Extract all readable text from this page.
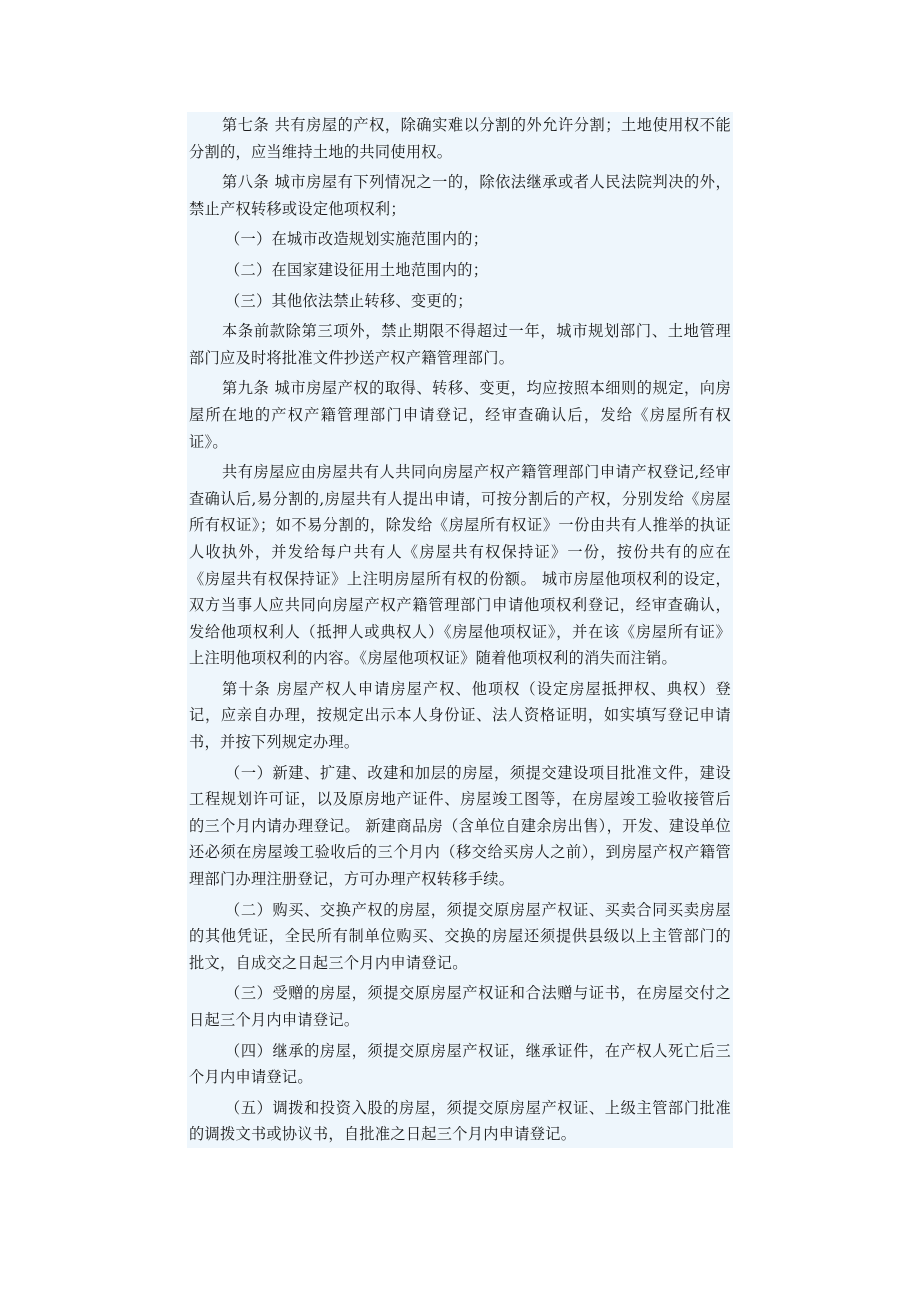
第七条 共有房屋的产权，除确实难以分割的外允许分割；土地使用权不能分割的，应当维持土地的共同使用权。

第八条 城市房屋有下列情况之一的，除依法继承或者人民法院判决的外，禁止产权转移或设定他项权利；

（一）在城市改造规划实施范围内的；

（二）在国家建设征用土地范围内的；

（三）其他依法禁止转移、变更的；

本条前款除第三项外，禁止期限不得超过一年，城市规划部门、土地管理部门应及时将批准文件抄送产权产籍管理部门。

第九条 城市房屋产权的取得、转移、变更，均应按照本细则的规定，向房屋所在地的产权产籍管理部门申请登记，经审查确认后，发给《房屋所有权证》。

共有房屋应由房屋共有人共同向房屋产权产籍管理部门申请产权登记,经审查确认后,易分割的,房屋共有人提出申请，可按分割后的产权，分别发给《房屋所有权证》；如不易分割的，除发给《房屋所有权证》一份由共有人推举的执证人收执外，并发给每户共有人《房屋共有权保持证》一份，按份共有的应在《房屋共有权保持证》上注明房屋所有权的份额。 城市房屋他项权利的设定，双方当事人应共同向房屋产权产籍管理部门申请他项权利登记，经审查确认，发给他项权利人（抵押人或典权人）《房屋他项权证》，并在该《房屋所有证》上注明他项权利的内容。《房屋他项权证》随着他项权利的消失而注销。

第十条 房屋产权人申请房屋产权、他项权（设定房屋抵押权、典权）登记，应亲自办理，按规定出示本人身份证、法人资格证明，如实填写登记申请书，并按下列规定办理。

（一）新建、扩建、改建和加层的房屋，须提交建设项目批准文件，建设工程规划许可证，以及原房地产证件、房屋竣工图等，在房屋竣工验收接管后的三个月内请办理登记。 新建商品房（含单位自建余房出售），开发、建设单位还必须在房屋竣工验收后的三个月内（移交给买房人之前），到房屋产权产籍管理部门办理注册登记，方可办理产权转移手续。

（二）购买、交换产权的房屋，须提交原房屋产权证、买卖合同买卖房屋的其他凭证，全民所有制单位购买、交换的房屋还须提供县级以上主管部门的批文，自成交之日起三个月内申请登记。

（三）受赠的房屋，须提交原房屋产权证和合法赠与证书，在房屋交付之日起三个月内申请登记。

（四）继承的房屋，须提交原房屋产权证，继承证件，在产权人死亡后三个月内申请登记。

（五）调拨和投资入股的房屋，须提交原房屋产权证、上级主管部门批准的调拨文书或协议书，自批准之日起三个月内申请登记。
